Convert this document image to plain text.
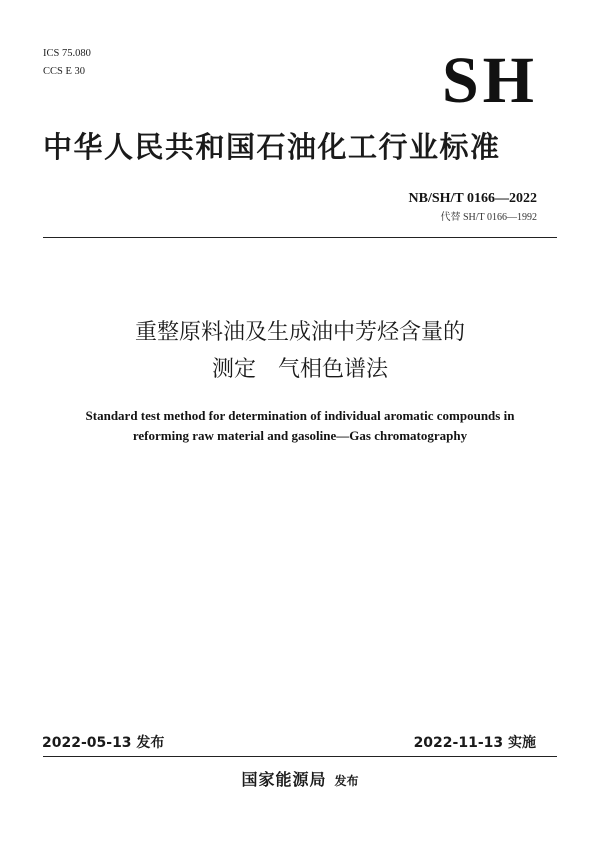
ICS 75.080
CCS E 30	SH
中华人民共和国石油化工行业标准
NB/SH/T 0166—2022
代替 SH/T 0166—1992
重整原料油及生成油中芳烃含量的
测定　气相色谱法
Standard test method for determination of individual aromatic compounds in
reforming raw material and gasoline—Gas chromatography
2022-05-13 发布	2022-11-13 实施
国家能源局 发布
